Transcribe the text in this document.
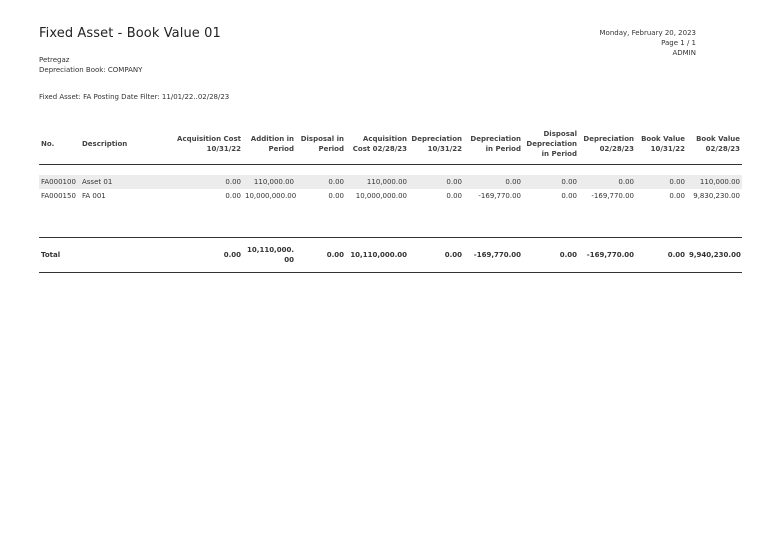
Fixed Asset - Book Value 01	Monday, February 20, 2023
Page 1 / 1
ADMIN
Petregaz
Depreciation Book: COMPANY
Fixed Asset: FA Posting Date Filter: 11/01/22..02/28/23
No.	Description	Acquisition Cost 10/31/22	Addition in Period	Disposal in Period	Acquisition Cost 02/28/23	Depreciation 10/31/22	Depreciation in Period	Disposal Depreciation in Period	Depreciation 02/28/23	Book Value 10/31/22	Book Value 02/28/23

FA000100	Asset 01	0.00	110,000.00	0.00	110,000.00	0.00	0.00	0.00	0.00	0.00	110,000.00
FA000150	FA 001	0.00	10,000,000.00	0.00	10,000,000.00	0.00	-169,770.00	0.00	-169,770.00	0.00	9,830,230.00

Total		0.00	10,110,000.00	0.00	10,110,000.00	0.00	-169,770.00	0.00	-169,770.00	0.00	9,940,230.00
